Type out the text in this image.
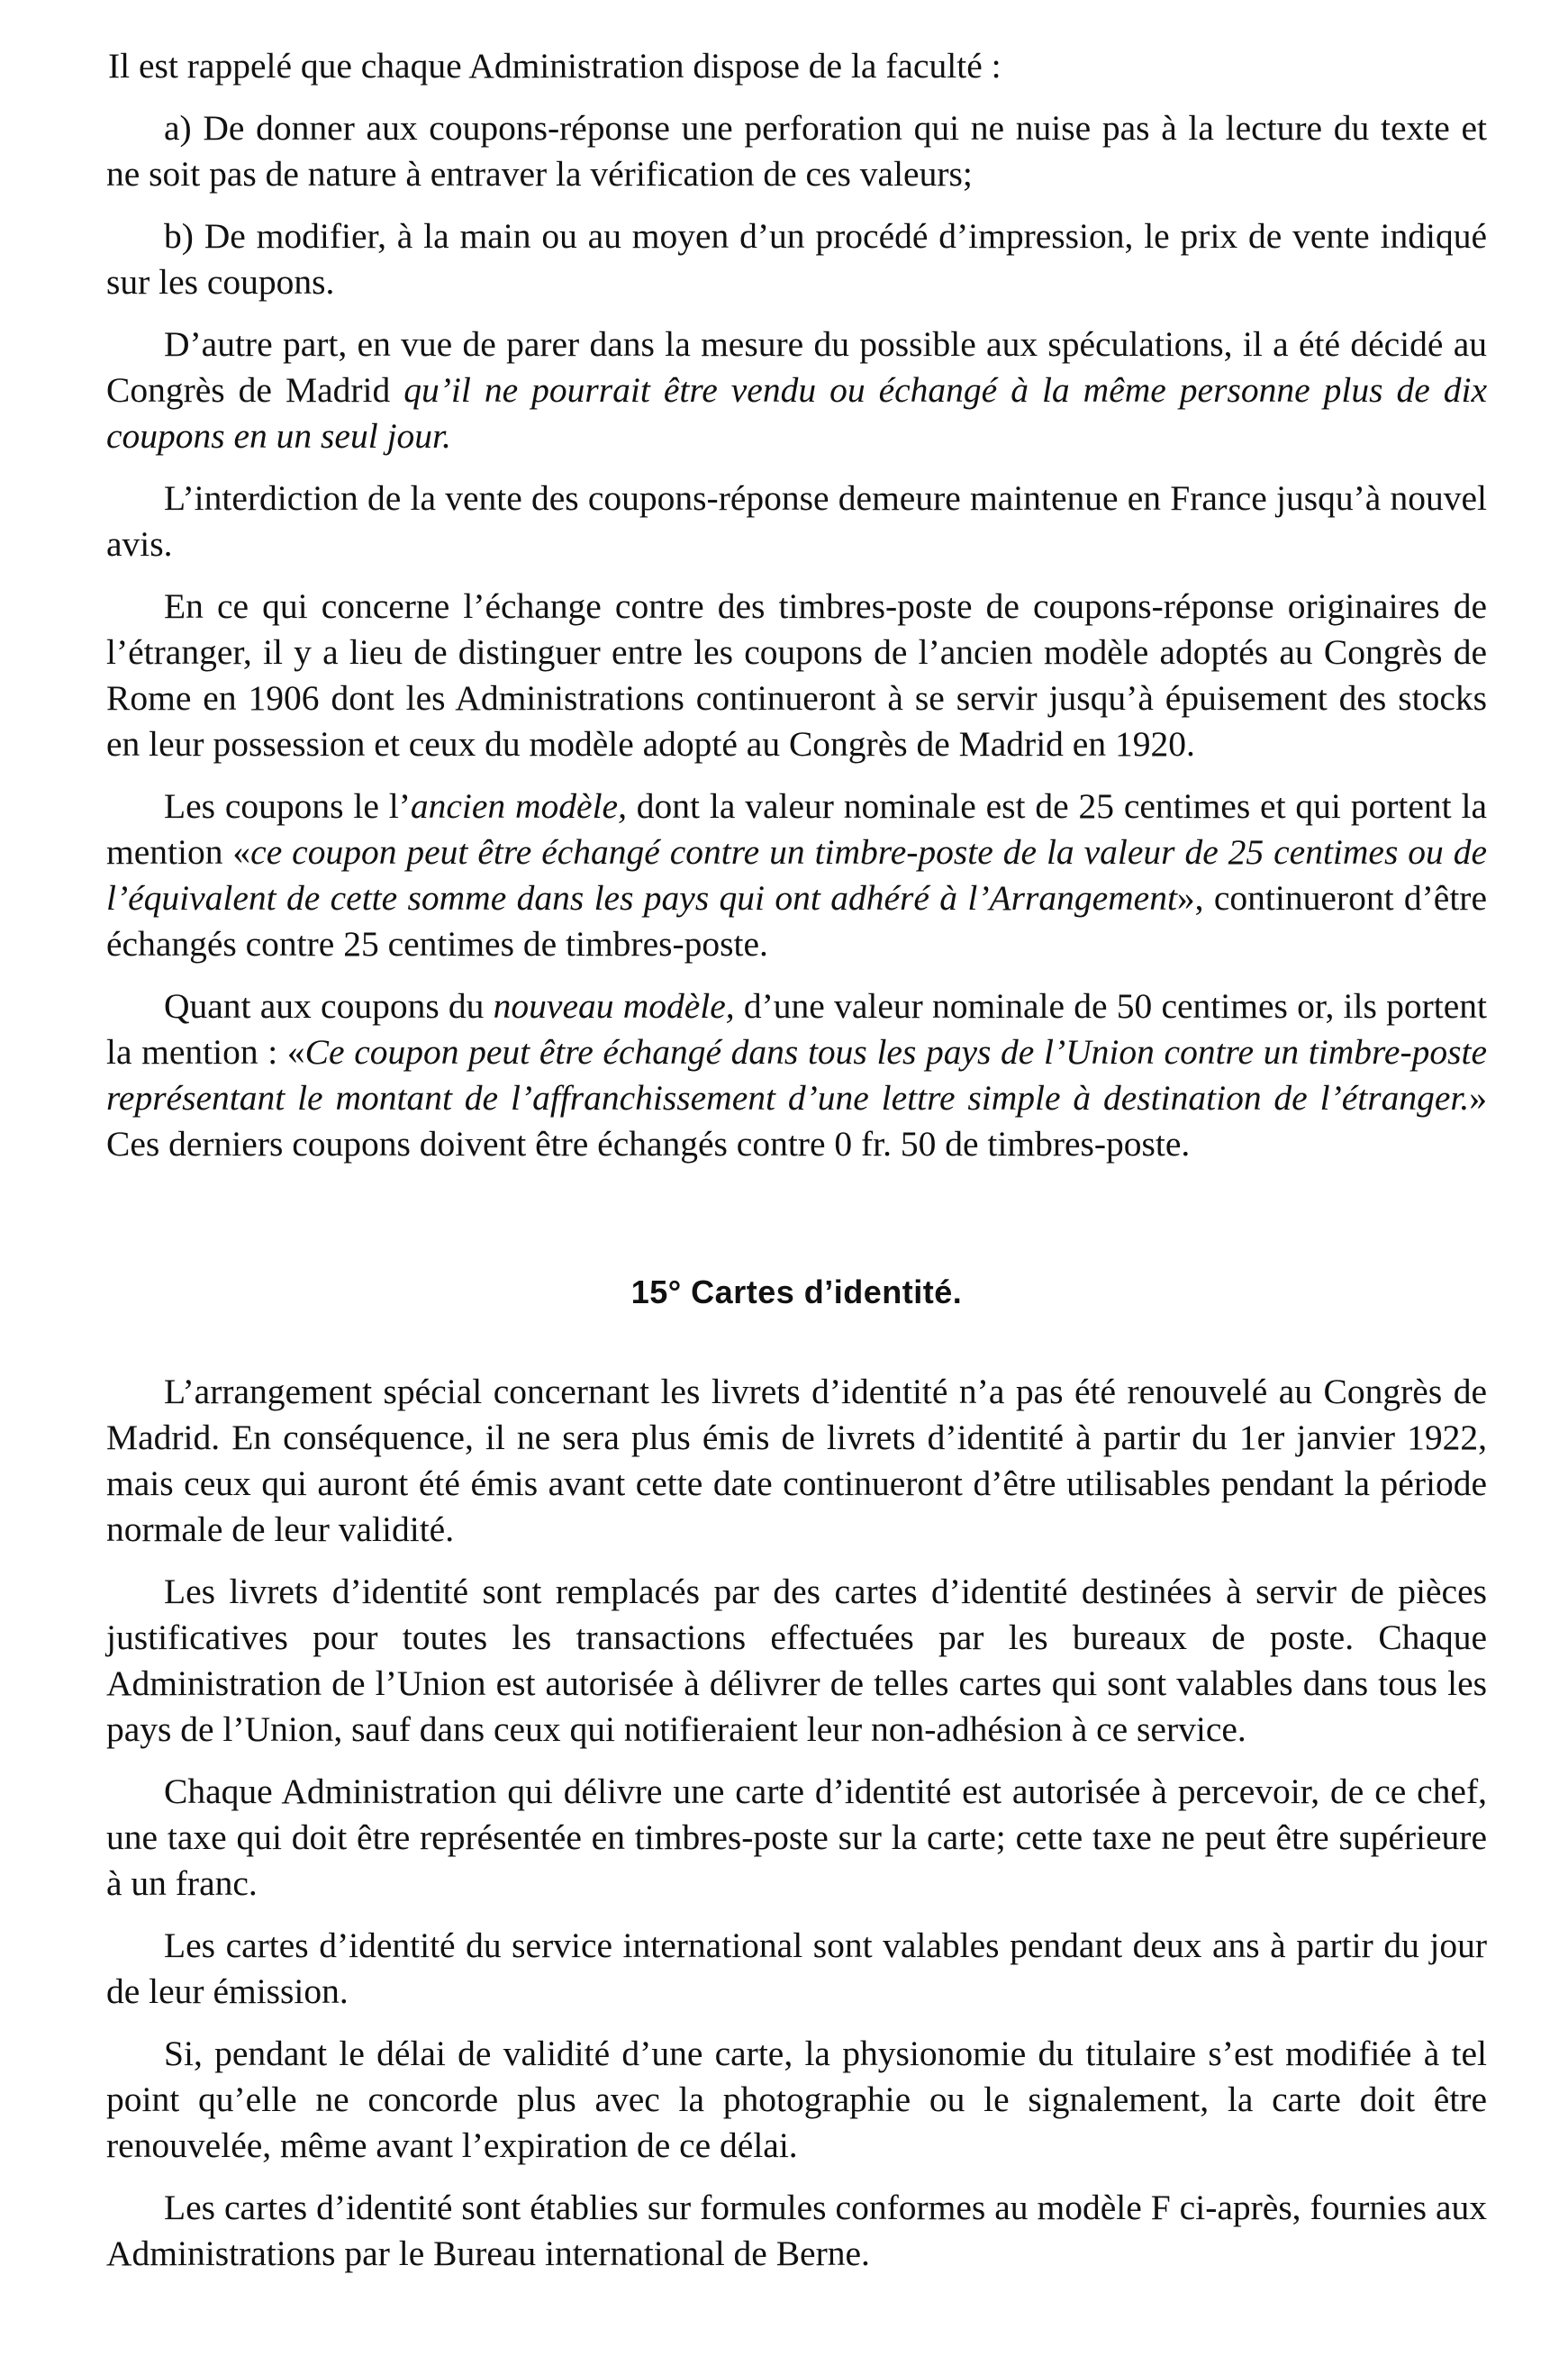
Il est rappelé que chaque Administration dispose de la faculté :

a) De donner aux coupons-réponse une perforation qui ne nuise pas à la lecture du texte et ne soit pas de nature à entraver la vérification de ces valeurs;

b) De modifier, à la main ou au moyen d’un procédé d’impression, le prix de vente indiqué sur les coupons.

D’autre part, en vue de parer dans la mesure du possible aux spéculations, il a été décidé au Congrès de Madrid qu’il ne pourrait être vendu ou échangé à la même personne plus de dix coupons en un seul jour.

L’interdiction de la vente des coupons-réponse demeure maintenue en France jusqu’à nouvel avis.

En ce qui concerne l’échange contre des timbres-poste de coupons-réponse originaires de l’étranger, il y a lieu de distinguer entre les coupons de l’ancien modèle adoptés au Congrès de Rome en 1906 dont les Administrations continueront à se servir jusqu’à épuisement des stocks en leur possession et ceux du modèle adopté au Congrès de Madrid en 1920.

Les coupons le l’ancien modèle, dont la valeur nominale est de 25 centimes et qui portent la mention «ce coupon peut être échangé contre un timbre-poste de la valeur de 25 centimes ou de l’équivalent de cette somme dans les pays qui ont adhéré à l’Arrangement», continueront d’être échangés contre 25 centimes de timbres-poste.

Quant aux coupons du nouveau modèle, d’une valeur nominale de 50 centimes or, ils portent la mention : «Ce coupon peut être échangé dans tous les pays de l’Union contre un timbre-poste représentant le montant de l’affranchissement d’une lettre simple à destination de l’étranger.» Ces derniers coupons doivent être échangés contre 0 fr. 50 de timbres-poste.

15° Cartes d’identité.

L’arrangement spécial concernant les livrets d’identité n’a pas été renouvelé au Congrès de Madrid. En conséquence, il ne sera plus émis de livrets d’identité à partir du 1er janvier 1922, mais ceux qui auront été émis avant cette date continueront d’être utilisables pendant la période normale de leur validité.

Les livrets d’identité sont remplacés par des cartes d’identité destinées à servir de pièces justificatives pour toutes les transactions effectuées par les bureaux de poste. Chaque Administration de l’Union est autorisée à délivrer de telles cartes qui sont valables dans tous les pays de l’Union, sauf dans ceux qui notifieraient leur non-adhésion à ce service.

Chaque Administration qui délivre une carte d’identité est autorisée à percevoir, de ce chef, une taxe qui doit être représentée en timbres-poste sur la carte; cette taxe ne peut être supérieure à un franc.

Les cartes d’identité du service international sont valables pendant deux ans à partir du jour de leur émission.

Si, pendant le délai de validité d’une carte, la physionomie du titulaire s’est modifiée à tel point qu’elle ne concorde plus avec la photographie ou le signalement, la carte doit être renouvelée, même avant l’expiration de ce délai.

Les cartes d’identité sont établies sur formules conformes au modèle F ci-après, fournies aux Administrations par le Bureau international de Berne.
